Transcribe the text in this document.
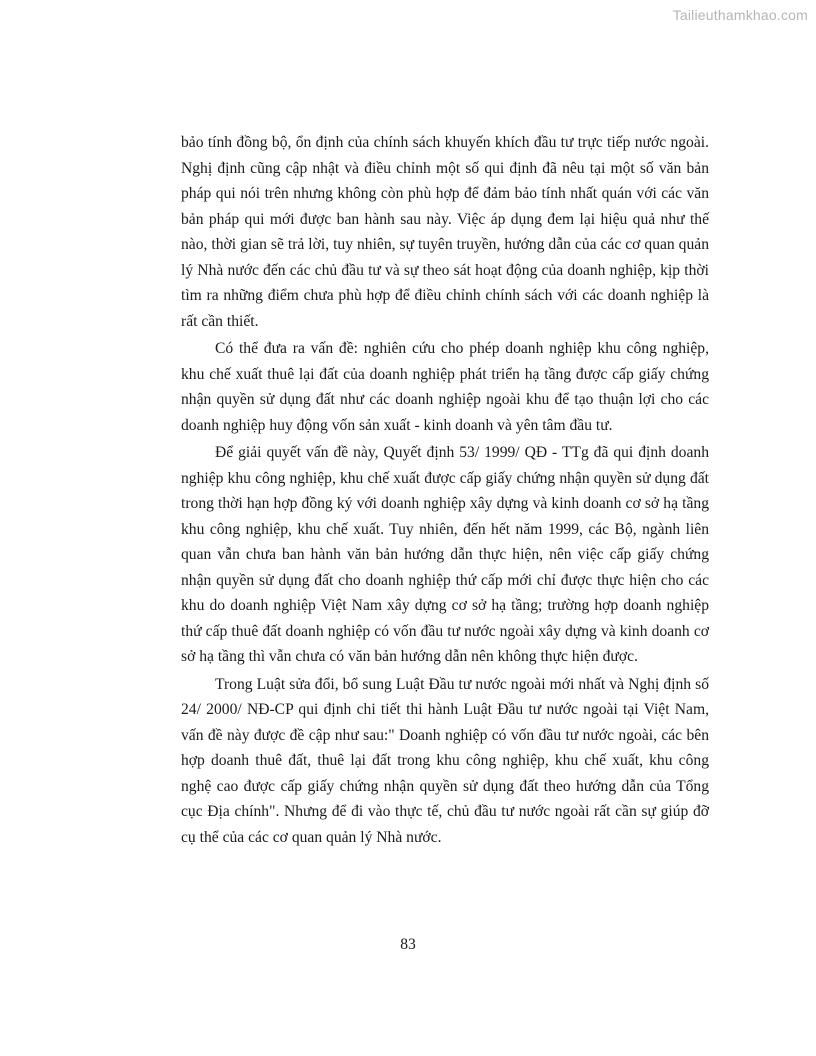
Tailieuthamkhao.com

bảo tính đồng bộ, ổn định của chính sách khuyến khích đầu tư trực tiếp nước ngoài. Nghị định cũng cập nhật và điều chỉnh một số qui định đã nêu tại một số văn bản pháp qui nói trên nhưng không còn phù hợp để đảm bảo tính nhất quán với các văn bản pháp qui mới được ban hành sau này. Việc áp dụng đem lại hiệu quả như thế nào, thời gian sẽ trả lời, tuy nhiên, sự tuyên truyền, hướng dẫn của các cơ quan quản lý Nhà nước đến các chủ đầu tư và sự theo sát hoạt động của doanh nghiệp, kịp thời tìm ra những điểm chưa phù hợp để điều chỉnh chính sách với các doanh nghiệp là rất cần thiết.

Có thể đưa ra vấn đề: nghiên cứu cho phép doanh nghiệp khu công nghiệp, khu chế xuất thuê lại đất của doanh nghiệp phát triển hạ tầng được cấp giấy chứng nhận quyền sử dụng đất như các doanh nghiệp ngoài khu để tạo thuận lợi cho các doanh nghiệp huy động vốn sản xuất - kinh doanh và yên tâm đầu tư.

Để giải quyết vấn đề này, Quyết định 53/ 1999/ QĐ - TTg đã qui định doanh nghiệp khu công nghiệp, khu chế xuất được cấp giấy chứng nhận quyền sử dụng đất trong thời hạn hợp đồng ký với doanh nghiệp xây dựng và kinh doanh cơ sở hạ tầng khu công nghiệp, khu chế xuất. Tuy nhiên, đến hết năm 1999, các Bộ, ngành liên quan vẫn chưa ban hành văn bản hướng dẫn thực hiện, nên việc cấp giấy chứng nhận quyền sử dụng đất cho doanh nghiệp thứ cấp mới chỉ được thực hiện cho các khu do doanh nghiệp Việt Nam xây dựng cơ sở hạ tầng; trường hợp doanh nghiệp thứ cấp thuê đất doanh nghiệp có vốn đầu tư nước ngoài xây dựng và kinh doanh cơ sở hạ tầng thì vẫn chưa có văn bản hướng dẫn nên không thực hiện được.

Trong Luật sửa đổi, bổ sung Luật Đầu tư nước ngoài mới nhất và Nghị định số 24/ 2000/ NĐ-CP qui định chi tiết thi hành Luật Đầu tư nước ngoài tại Việt Nam, vấn đề này được đề cập như sau:" Doanh nghiệp có vốn đầu tư nước ngoài, các bên hợp doanh thuê đất, thuê lại đất trong khu công nghiệp, khu chế xuất, khu công nghệ cao được cấp giấy chứng nhận quyền sử dụng đất theo hướng dẫn của Tổng cục Địa chính". Nhưng để đi vào thực tế, chủ đầu tư nước ngoài rất cần sự giúp đỡ cụ thể của các cơ quan quản lý Nhà nước.

83
